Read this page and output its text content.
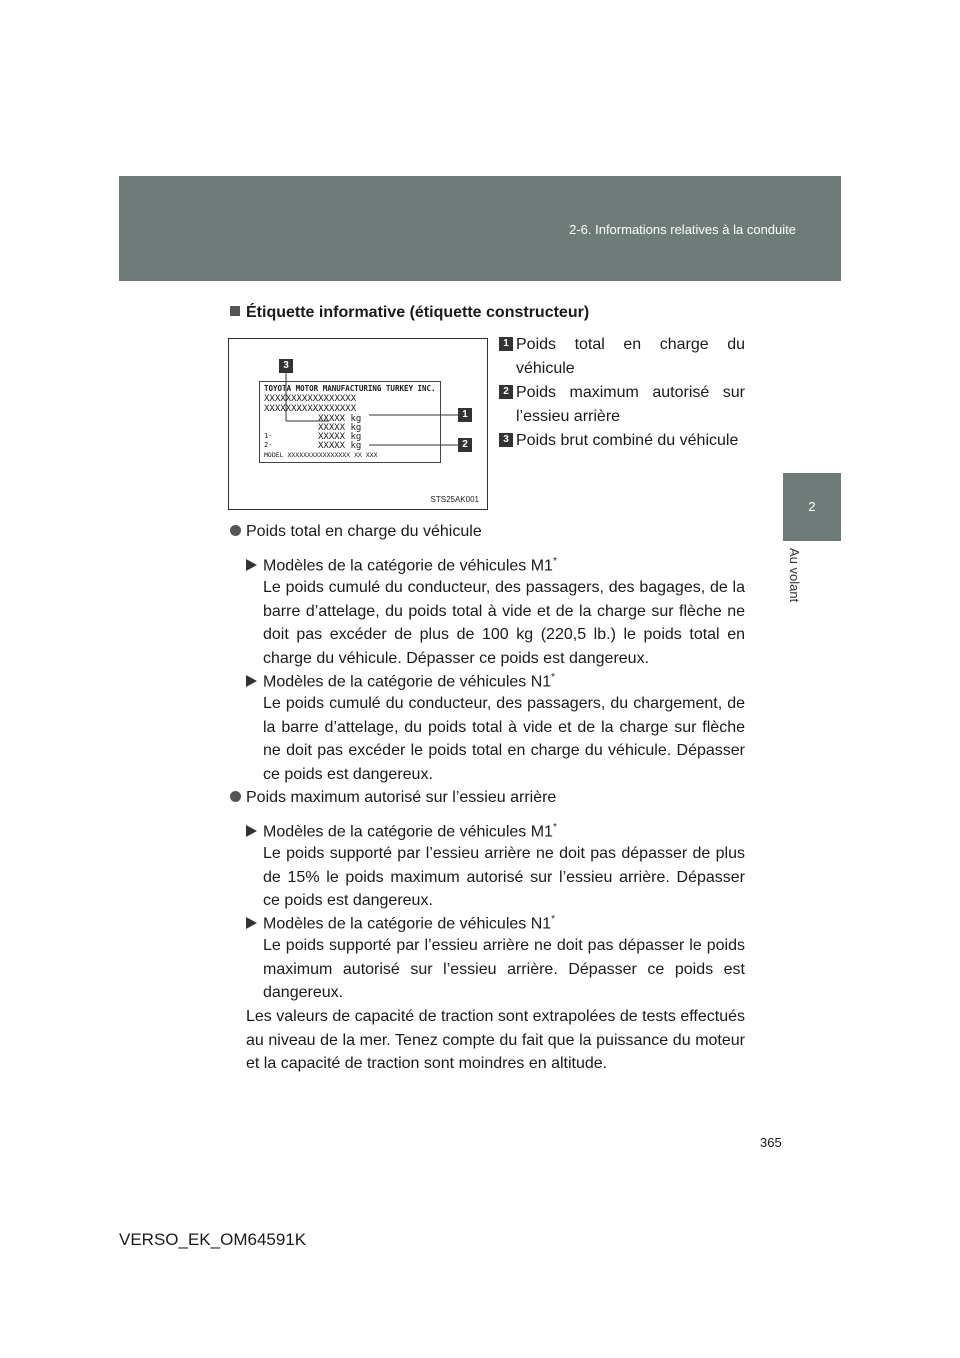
2-6. Informations relatives à la conduite
2
Au volant
Étiquette informative (étiquette constructeur)
3
1
2
TOYOTA MOTOR MANUFACTURING TURKEY INC.
XXXXXXXXXXXXXXXXX
XXXXXXXXXXXXXXXXX
XXXXX kg
XXXXX kg
XXXXX kg
XXXXX kg
1-
2-
MODEL XXXXXXXXXXXXXXXX XX XXX
STS25AK001
1 Poids total en charge du véhicule
2 Poids maximum autorisé sur l’essieu arrière
3 Poids brut combiné du véhicule
Poids total en charge du véhicule
Modèles de la catégorie de véhicules M1*
Le poids cumulé du conducteur, des passagers, des bagages, de la barre d’attelage, du poids total à vide et de la charge sur flèche ne doit pas excéder de plus de 100 kg (220,5 lb.) le poids total en charge du véhicule. Dépasser ce poids est dangereux.
Modèles de la catégorie de véhicules N1*
Le poids cumulé du conducteur, des passagers, du chargement, de la barre d’attelage, du poids total à vide et de la charge sur flèche ne doit pas excéder le poids total en charge du véhicule. Dépasser ce poids est dangereux.
Poids maximum autorisé sur l’essieu arrière
Modèles de la catégorie de véhicules M1*
Le poids supporté par l’essieu arrière ne doit pas dépasser de plus de 15% le poids maximum autorisé sur l’essieu arrière. Dépasser ce poids est dangereux.
Modèles de la catégorie de véhicules N1*
Le poids supporté par l’essieu arrière ne doit pas dépasser le poids maximum autorisé sur l’essieu arrière. Dépasser ce poids est dangereux.
Les valeurs de capacité de traction sont extrapolées de tests effectués au niveau de la mer. Tenez compte du fait que la puissance du moteur et la capacité de traction sont moindres en altitude.
365
VERSO_EK_OM64591K
